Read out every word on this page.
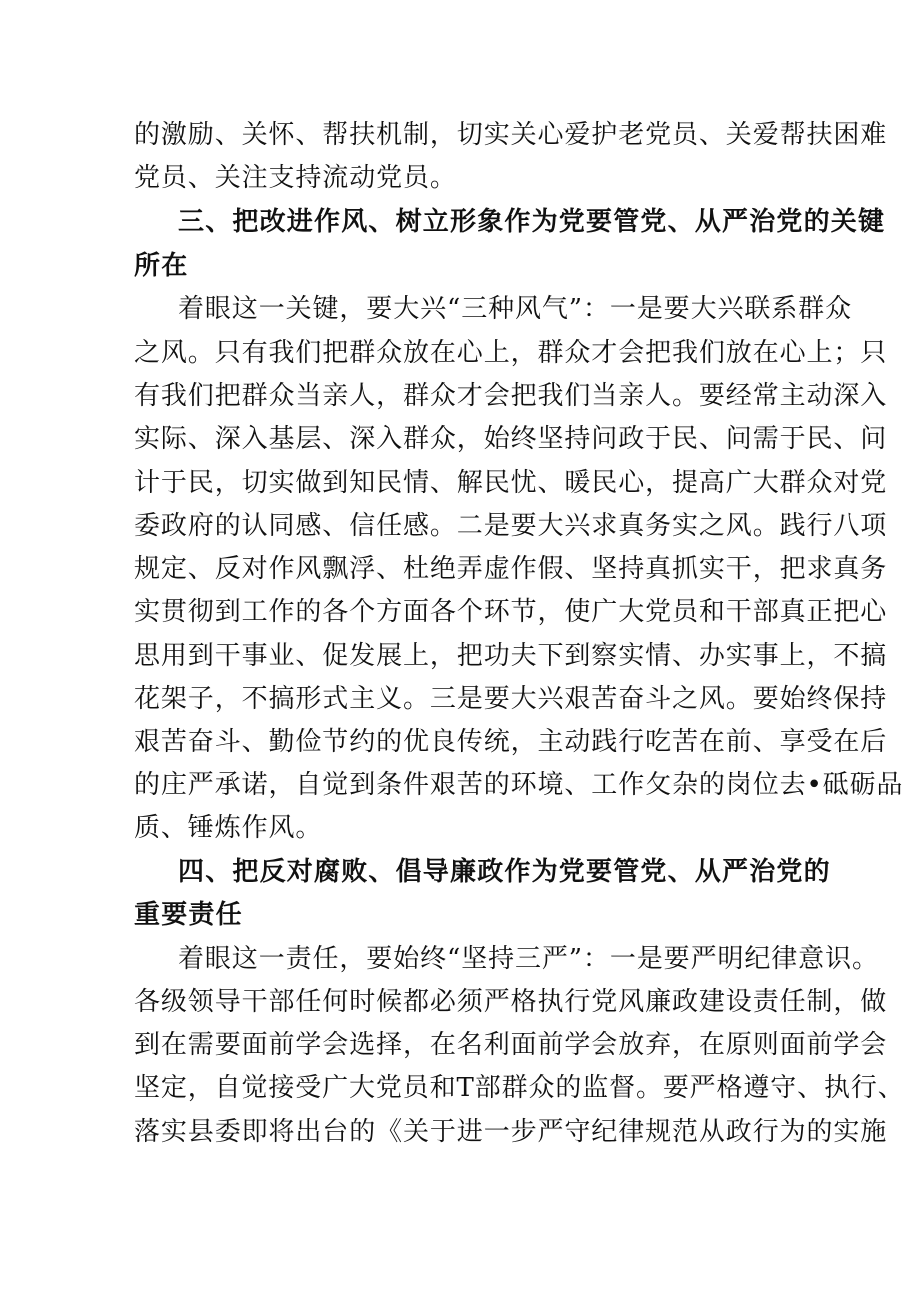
的激励、关怀、帮扶机制，切实关心爱护老党员、关爱帮扶困难
党员、关注支持流动党员。
三、把改进作风、树立形象作为党要管党、从严治党的关键
所在
着眼这一关键，要大兴“三种风气”：一是要大兴联系群众
之风。只有我们把群众放在心上，群众才会把我们放在心上；只
有我们把群众当亲人，群众才会把我们当亲人。要经常主动深入
实际、深入基层、深入群众，始终坚持问政于民、问需于民、问
计于民，切实做到知民情、解民忧、暖民心，提高广大群众对党
委政府的认同感、信任感。二是要大兴求真务实之风。践行八项
规定、反对作风飘浮、杜绝弄虚作假、坚持真抓实干，把求真务
实贯彻到工作的各个方面各个环节，使广大党员和干部真正把心
思用到干事业、促发展上，把功夫下到察实情、办实事上，不搞
花架子，不搞形式主义。三是要大兴艰苦奋斗之风。要始终保持
艰苦奋斗、勤俭节约的优良传统，主动践行吃苦在前、享受在后
的庄严承诺，自觉到条件艰苦的环境、工作攵杂的岗位去•砥砺品
质、锤炼作风。
四、把反对腐败、倡导廉政作为党要管党、从严治党的
重要责任
着眼这一责任，要始终“坚持三严”：一是要严明纪律意识。
各级领导干部任何时候都必须严格执行党风廉政建设责任制，做
到在需要面前学会选择，在名利面前学会放弃，在原则面前学会
坚定，自觉接受广大党员和T部群众的监督。要严格遵守、执行、
落实县委即将出台的《关于进一步严守纪律规范从政行为的实施
